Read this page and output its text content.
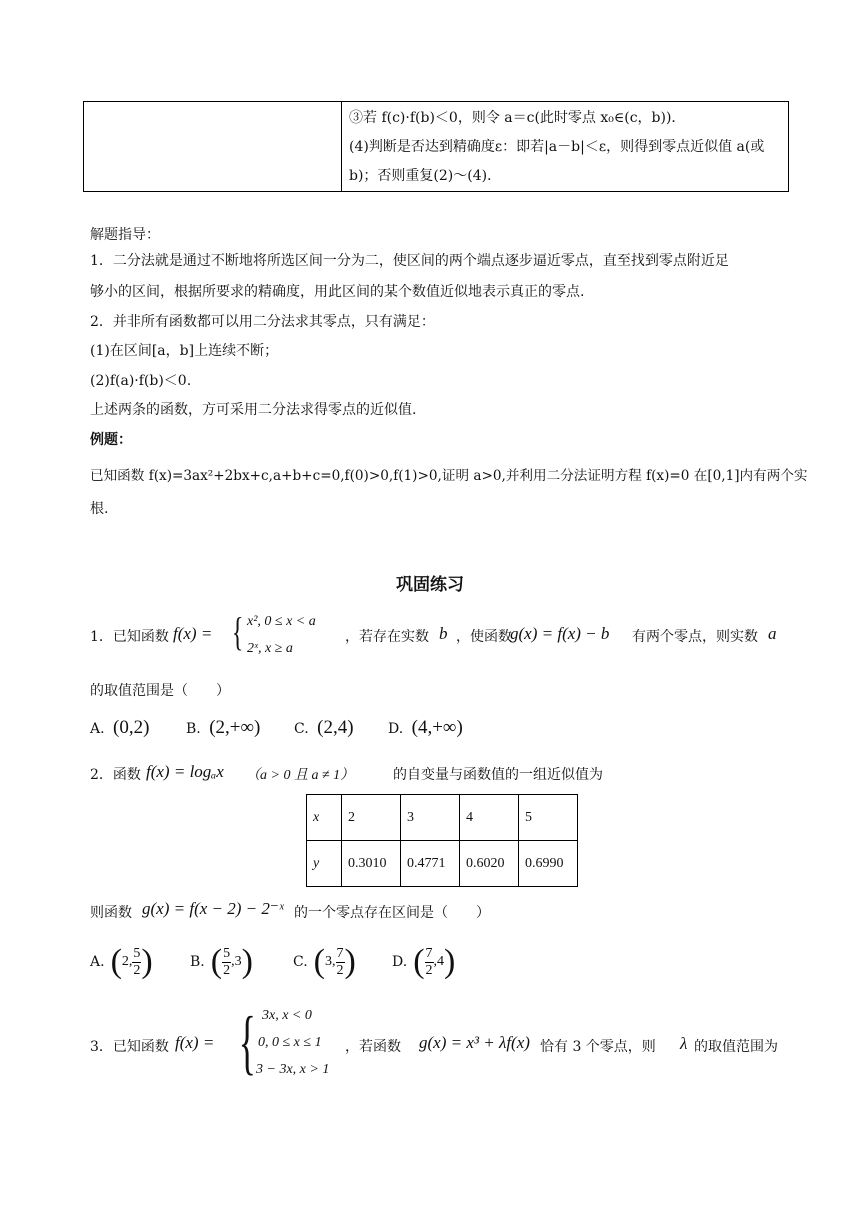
③若 f(c)·f(b)＜0，则令 a＝c(此时零点 x₀∈(c，b))．
(4)判断是否达到精确度ε：即若|a－b|＜ε，则得到零点近似值 a(或
b)；否则重复(2)～(4)．
解题指导：
1．二分法就是通过不断地将所选区间一分为二，使区间的两个端点逐步逼近零点，直至找到零点附近足
够小的区间，根据所要求的精确度，用此区间的某个数值近似地表示真正的零点.
2．并非所有函数都可以用二分法求其零点，只有满足：
(1)在区间[a，b]上连续不断；
(2)f(a)·f(b)＜0.
上述两条的函数，方可采用二分法求得零点的近似值.
例题：
已知函数 f(x)=3ax²+2bx+c,a+b+c=0,f(0)>0,f(1)>0,证明 a>0,并利用二分法证明方程 f(x)=0 在[0,1]内有两个实
根.
巩固练习
1．已知函数 f(x) = { x², 0 ≤ x < a
2ˣ, x ≥ a
，若存在实数 b ，使函数
g(x) = f(x) − b 有两个零点，则实数 a
的取值范围是（　　）
A. (0,2)	B. (2,+∞) C. (2,4) D. (4,+∞)
2．函数 f(x) = logₐx （a > 0 且 a ≠ 1）	的自变量与函数值的一组近似值为
x	2	3	4	5
y	0.3010	0.4771	0.6020	0.6990
则函数 g(x) = f(x − 2) − 2⁻ˣ 的一个零点存在区间是（　　）
A. ( 2, $\frac{5}{2}$ )	B. ( $\frac{5}{2} ,3$ )	C. ( 3, $\frac{7}{2}$ )	D. ( $\frac{7}{2} ,4$ )
3．已知函数 f(x) = { 3x, x < 0
0, 0 ≤ x ≤ 1
3 − 3x, x > 1
，若函数 g(x) = x³ + λf(x) 恰有 3 个零点，则 λ 的取值范围为
